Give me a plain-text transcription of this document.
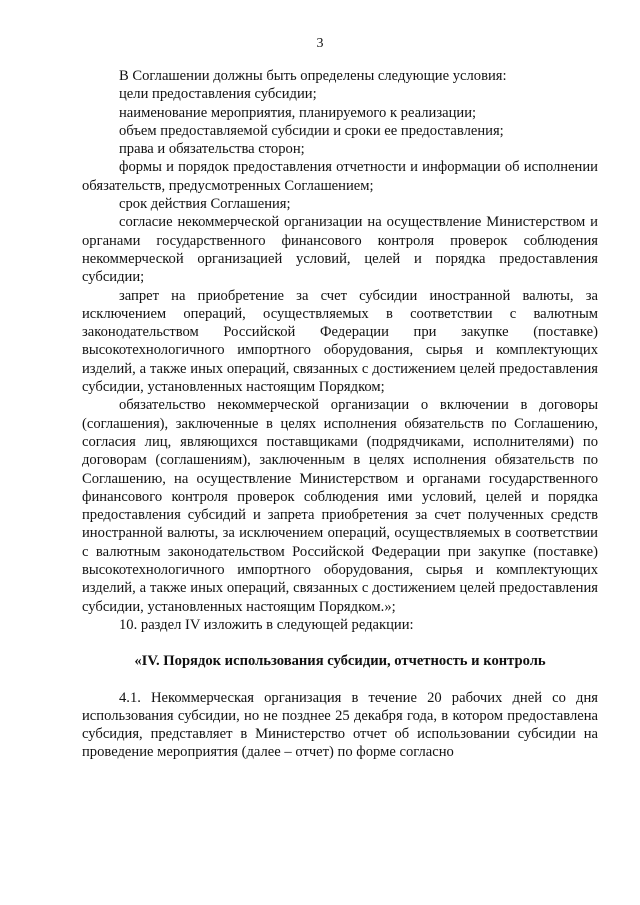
3

В Соглашении должны быть определены следующие условия:

цели предоставления субсидии;

наименование мероприятия, планируемого к реализации;

объем предоставляемой субсидии и сроки ее предоставления;

права и обязательства сторон;

формы и порядок предоставления отчетности и информации об исполнении обязательств, предусмотренных Соглашением;

срок действия Соглашения;

согласие некоммерческой организации на осуществление Министерством и органами государственного финансового контроля проверок соблюдения некоммерческой организацией условий, целей и порядка предоставления субсидии;

запрет на приобретение за счет субсидии иностранной валюты, за исключением операций, осуществляемых в соответствии с валютным законодательством Российской Федерации при закупке (поставке) высокотехнологичного импортного оборудования, сырья и комплектующих изделий, а также иных операций, связанных с достижением целей предоставления субсидии, установленных настоящим Порядком;

обязательство некоммерческой организации о включении в договоры (соглашения), заключенные в целях исполнения обязательств по Соглашению, согласия лиц, являющихся поставщиками (подрядчиками, исполнителями) по договорам (соглашениям), заключенным в целях исполнения обязательств по Соглашению, на осуществление Министерством и органами государственного финансового контроля проверок соблюдения ими условий, целей и порядка предоставления субсидий и запрета приобретения за счет полученных средств иностранной валюты, за исключением операций, осуществляемых в соответствии с валютным законодательством Российской Федерации при закупке (поставке) высокотехнологичного импортного оборудования, сырья и комплектующих изделий, а также иных операций, связанных с достижением целей предоставления субсидии, установленных настоящим Порядком.»;

10. раздел IV изложить в следующей редакции:

«IV. Порядок использования субсидии, отчетность и контроль

4.1. Некоммерческая организация в течение 20 рабочих дней со дня использования субсидии, но не позднее 25 декабря года, в котором предоставлена субсидия, представляет в Министерство отчет об использовании субсидии на проведение мероприятия (далее – отчет) по форме согласно
